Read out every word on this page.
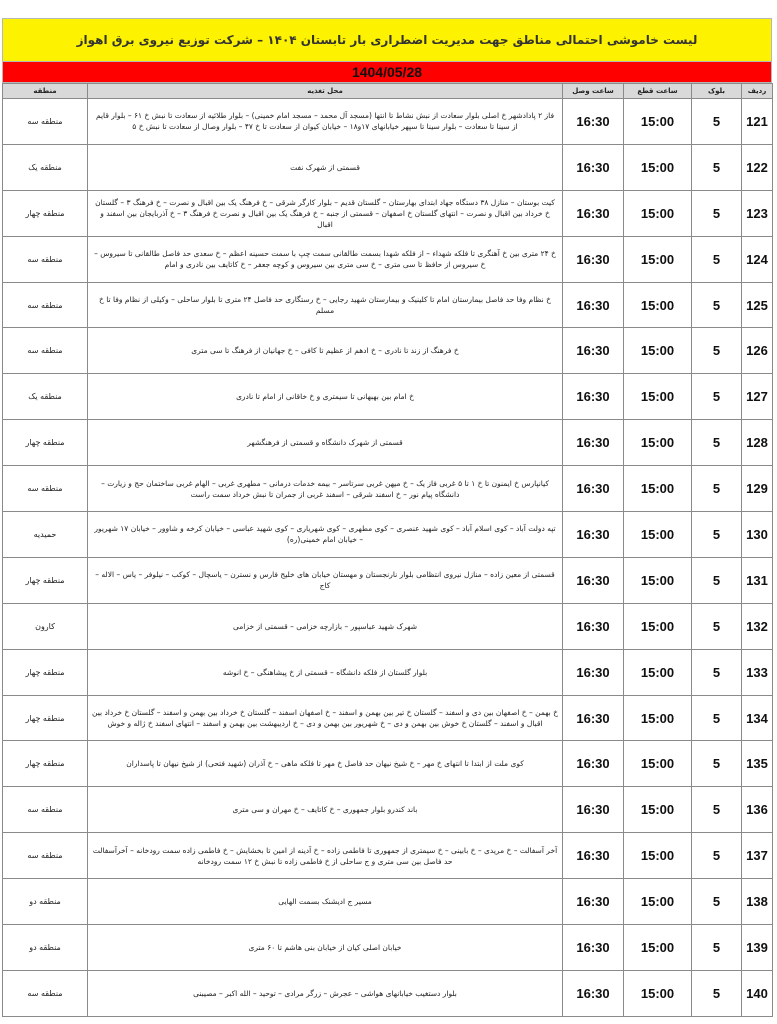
لیست خاموشی احتمالی مناطق جهت مدیریت اضطراری بار تابستان ۱۴۰۴ – شرکت توزیع نیروی برق اهواز
1404/05/28
ردیف	بلوک	ساعت قطع	ساعت وصل	محل تغذیه	منطقه
121	5	15:00	16:30	فاز ۲ پادادشهر خ اصلی بلوار سعادت از نبش نشاط تا انتها (مسجد آل محمد – مسجد امام خمینی) – بلوار طلائیه از سعادت تا نبش خ ۶۱ – بلوار قایم از سینا تا سعادت – بلوار سینا تا سپهر خیابانهای ۱۷و۱۸ – خیابان کیوان از سعادت تا خ ۴۷ – بلوار وصال از سعادت تا نبش خ ۵	منطقه سه
122	5	15:00	16:30	قسمتی از شهرک نفت	منطقه یک
123	5	15:00	16:30	کیت بوستان – منازل ۳۸ دستگاه جهاد ابتدای بهارستان – گلستان قدیم – بلوار کارگر شرقی – خ فرهنگ یک بین اقبال و نصرت – خ فرهنگ ۳ – گلستان خ خرداد بین اقبال و نصرت – انتهای گلستان خ اصفهان – قسمتی از جنبه – خ فرهنگ یک بین اقبال و نصرت خ فرهنگ ۳ – خ آذربایجان بین اسفند و اقبال	منطقه چهار
124	5	15:00	16:30	خ ۲۴ متری بین خ آهنگری تا فلکه شهداء – از فلکه شهدا بسمت طالقانی سمت چپ با سمت حسینه اعظم – خ سعدی حد فاصل طالقانی تا سیروس – خ سیروس از حافظ تا سی متری – خ سی متری بین سیروس و کوچه جعفر – خ کاتایف بین نادری و امام	منطقه سه
125	5	15:00	16:30	خ نظام وفا حد فاصل بیمارستان امام تا کلینیک و بیمارستان شهید رجایی – خ رستگاری حد فاصل ۲۴ متری تا بلوار ساحلی – وکیلی از نظام وفا تا خ مسلم	منطقه سه
126	5	15:00	16:30	خ فرهنگ از زند تا نادری – خ ادهم از عظیم تا کافی – خ جهانیان از فرهنگ تا سی متری	منطقه سه
127	5	15:00	16:30	خ امام بین بهبهانی تا سیمتری و خ خاقانی از امام تا نادری	منطقه یک
128	5	15:00	16:30	قسمتی از شهرک دانشگاه و قسمتی از فرهنگشهر	منطقه چهار
129	5	15:00	16:30	کیانپارس خ ایمنون تا خ ۱ تا ۵ غربی فاز یک – خ میهن غربی سرتاسر – بیمه خدمات درمانی – مطهری غربی – الهام غربی ساختمان حج و زیارت – دانشگاه پیام نور – خ اسفند شرقی – اسفند غربی از جمران تا نبش خرداد سمت راست	منطقه سه
130	5	15:00	16:30	تپه دولت آباد – کوی اسلام آباد – کوی شهید عنصری – کوی مطهری – کوی شهریاری – کوی شهید عباسی – خیابان کرخه و شاوور – خیابان ۱۷ شهریور – خیابان امام خمینی(ره)	حمیدیه
131	5	15:00	16:30	قسمتی از معین زاده – منازل نیروی انتظامی بلوار نارنجستان و مهستان خیابان های خلیج فارس و نسترن – یاسچال – کوکب – نیلوفر – یاس – الاله – کاج	منطقه چهار
132	5	15:00	16:30	شهرک شهید عباسپور – بازارچه خزامی – قسمتی از خزامی	کارون
133	5	15:00	16:30	بلوار گلستان از فلکه دانشگاه – قسمتی از خ پیشاهنگی – خ انوشه	منطقه چهار
134	5	15:00	16:30	خ بهمن – خ اصفهان بین دی و اسفند – گلستان خ تیر بین بهمن و اسفند – خ اصفهان اسفند – گلستان خ خرداد بین بهمن و اسفند – گلستان خ خرداد بین اقبال و اسفند – گلستان خ خوش بین بهمن و دی – خ شهریور بین بهمن و دی – خ اردیبهشت بین بهمن و اسفند – انتهای اسفند خ ژاله و خوش	منطقه چهار
135	5	15:00	16:30	کوی ملت از ابتدا تا انتهای خ مهر – خ شیخ نیهان حد فاصل خ مهر تا فلکه ماهی – خ آذران (شهید فتحی) از شیخ نیهان تا پاسداران	منطقه چهار
136	5	15:00	16:30	باند کندرو بلوار جمهوری – خ کاتایف – خ مهران و سی متری	منطقه سه
137	5	15:00	16:30	آخر آسفالت – خ مریدی – خ بابینی – خ سیمتری از جمهوری تا فاطمی زاده – خ آدینه از امین تا بخشایش – خ فاطمی زاده سمت رودخانه – آخرآسفالت حد فاصل بین سی متری و ج ساحلی از خ فاطمی زاده تا نبش خ ۱۲ سمت رودخانه	منطقه سه
138	5	15:00	16:30	مسیر ج ادیشنک بسمت الهایی	منطقه دو
139	5	15:00	16:30	خیابان اصلی کیان از خیابان بنی هاشم تا ۶۰ متری	منطقه دو
140	5	15:00	16:30	بلوار دستغیب خیابانهای هواشی – عجرش – زرگر مرادی – توحید – الله اکبر – مصیبنی	منطقه سه
